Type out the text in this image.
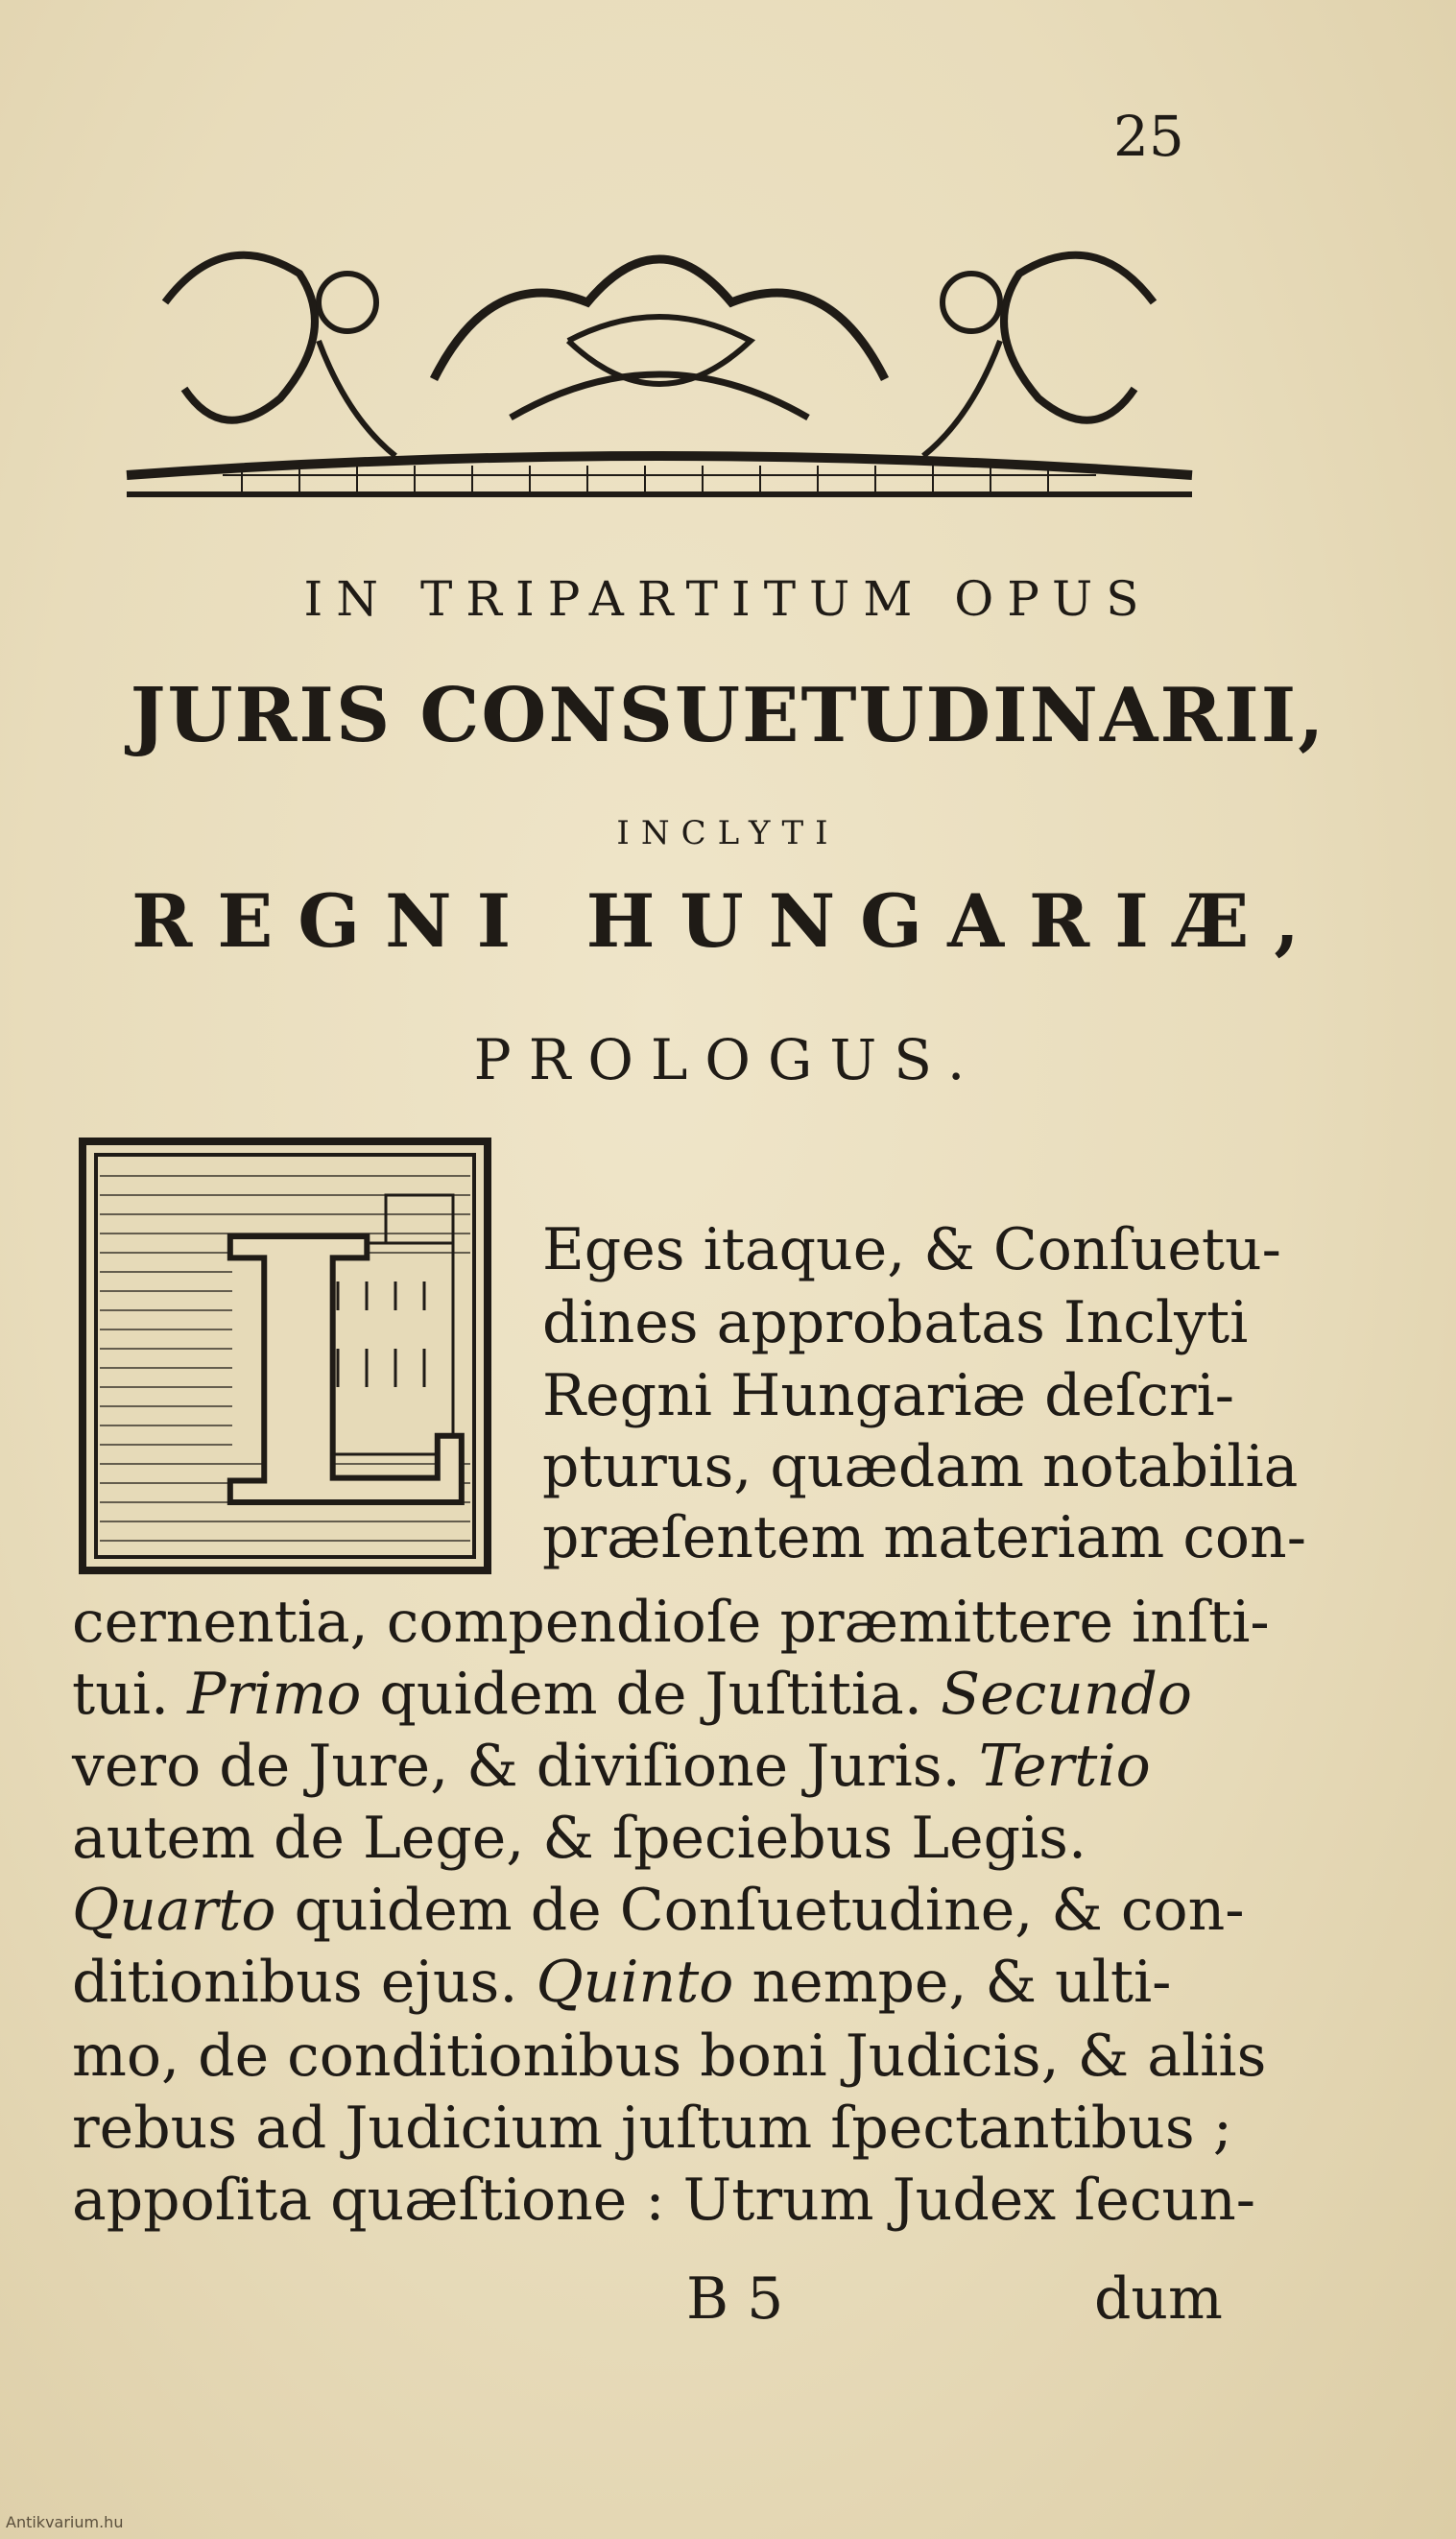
25
IN TRIPARTITUM OPUS
JURIS CONSUETUDINARII,
INCLYTI
REGNI HUNGARIÆ,
PROLOGUS.
L Eges itaque, & Conſuetu-
dines approbatas Inclyti
Regni Hungariæ deſcri-
pturus, quædam notabilia
præſentem materiam con-
cernentia, compendioſe præmittere inſti-
tui. Primo quidem de Juſtitia. Secundo
vero de Jure, & diviſione Juris. Tertio
autem de Lege, & ſpeciebus Legis.
Quarto quidem de Conſuetudine, & con-
ditionibus ejus. Quinto nempe, & ulti-
mo, de conditionibus boni Judicis, & aliis
rebus ad Judicium juſtum ſpectantibus ;
appoſita quæſtione : Utrum Judex ſecun-
B 5	dum
Antikvarium.hu
